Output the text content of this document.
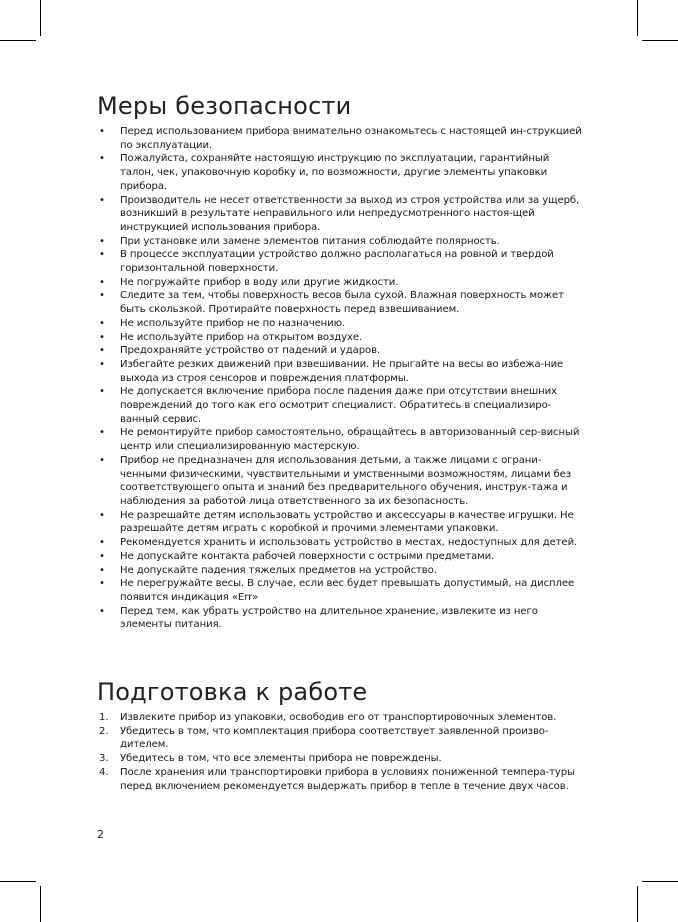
Меры безопасности
• Перед использованием прибора внимательно ознакомьтесь с настоящей ин-струкцией по эксплуатации.
• Пожалуйста, сохраняйте настоящую инструкцию по эксплуатации, гарантийный талон, чек, упаковочную коробку и, по возможности, другие элементы упаковки прибора.
• Производитель не несет ответственности за выход из строя устройства или за ущерб, возникший в результате неправильного или непредусмотренного настоя-щей инструкцией использования прибора.
• При установке или замене элементов питания соблюдайте полярность.
• В процессе эксплуатации устройство должно располагаться на ровной и твердой горизонтальной поверхности.
• Не погружайте прибор в воду или другие жидкости.
• Следите за тем, чтобы поверхность весов была сухой. Влажная поверхность может быть скользкой. Протирайте поверхность перед взвешиванием.
• Не используйте прибор не по назначению.
• Не используйте прибор на открытом воздухе.
• Предохраняйте устройство от падений и ударов.
• Избегайте резких движений при взвешивании. Не прыгайте на весы во избежа-ние выхода из строя сенсоров и повреждения платформы.
• Не допускается включение прибора после падения даже при отсутствии внешних повреждений до того как его осмотрит специалист. Обратитесь в специализиро-ванный сервис.
• Не ремонтируйте прибор самостоятельно, обращайтесь в авторизованный сер-висный центр или специализированную мастерскую.
• Прибор не предназначен для использования детьми, а также лицами с ограни-ченными физическими, чувствительными и умственными возможностям, лицами без соответствующего опыта и знаний без предварительного обучения, инструк-тажа и наблюдения за работой лица ответственного за их безопасность.
• Не разрешайте детям использовать устройство и аксессуары в качестве игрушки. Не разрешайте детям играть с коробкой и прочими элементами упаковки.
• Рекомендуется хранить и использовать устройство в местах, недоступных для детей.
• Не допускайте контакта рабочей поверхности с острыми предметами.
• Не допускайте падения тяжелых предметов на устройство.
• Не перегружайте весы. В случае, если вес будет превышать допустимый, на дисплее появится индикация «Err»
• Перед тем, как убрать устройство на длительное хранение, извлеките из него элементы питания.
Подготовка к работе
1. Извлеките прибор из упаковки, освободив его от транспортировочных элементов.
2. Убедитесь в том, что комплектация прибора соответствует заявленной произво-дителем.
3. Убедитесь в том, что все элементы прибора не повреждены.
4. После хранения или транспортировки прибора в условиях пониженной темпера-туры перед включением рекомендуется выдержать прибор в тепле в течение двух часов.
2
